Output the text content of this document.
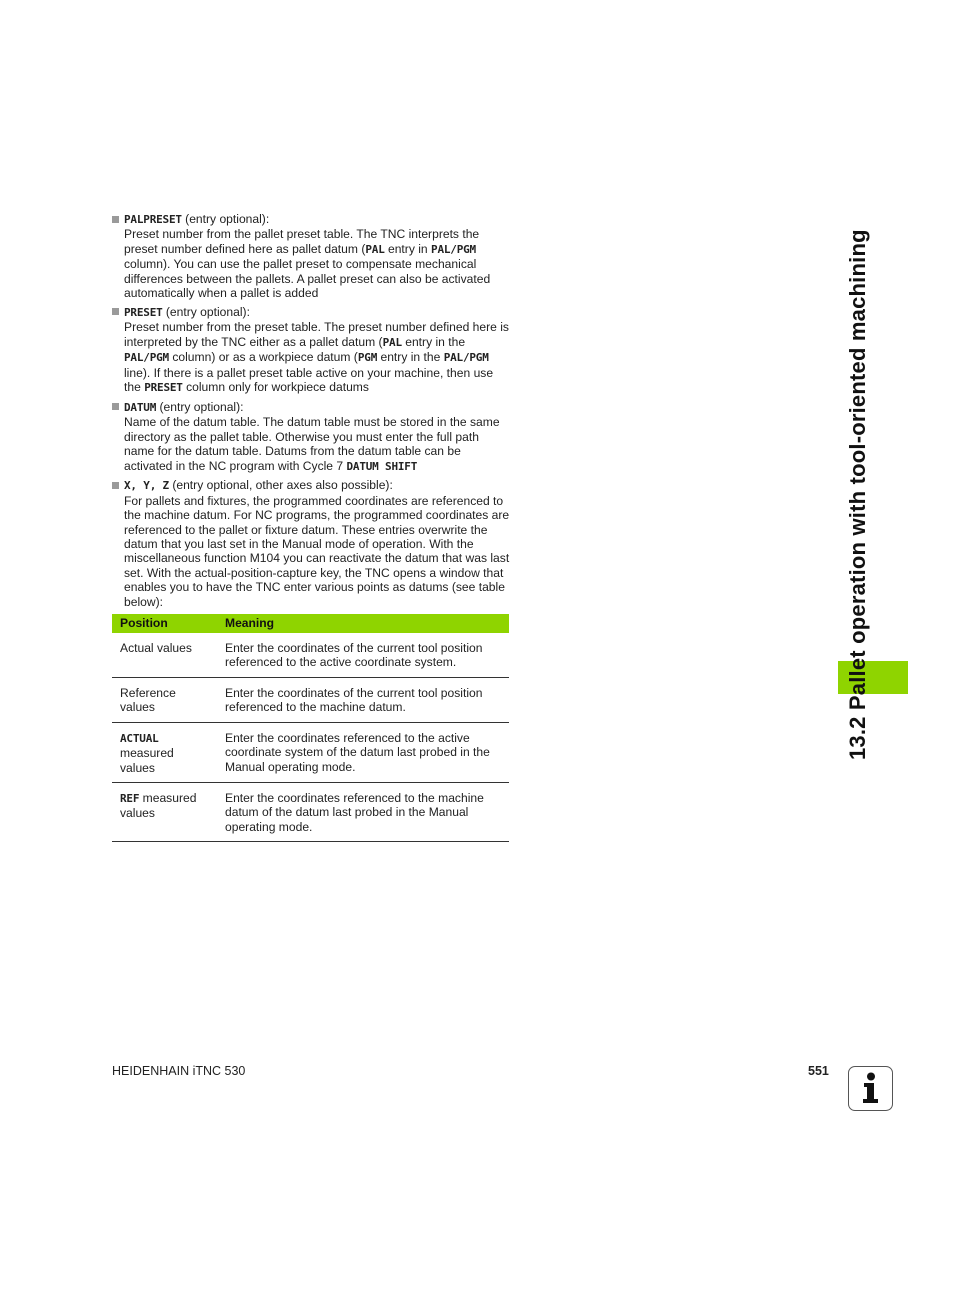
PALPRESET (entry optional):
Preset number from the pallet preset table. The TNC interprets the preset number defined here as pallet datum (PAL entry in PAL/PGM column). You can use the pallet preset to compensate mechanical differences between the pallets. A pallet preset can also be activated automatically when a pallet is added

PRESET (entry optional):
Preset number from the preset table. The preset number defined here is interpreted by the TNC either as a pallet datum (PAL entry in the PAL/PGM column) or as a workpiece datum (PGM entry in the PAL/PGM line). If there is a pallet preset table active on your machine, then use the PRESET column only for workpiece datums

DATUM (entry optional):
Name of the datum table. The datum table must be stored in the same directory as the pallet table. Otherwise you must enter the full path name for the datum table. Datums from the datum table can be activated in the NC program with Cycle 7 DATUM SHIFT

X, Y, Z (entry optional, other axes also possible):
For pallets and fixtures, the programmed coordinates are referenced to the machine datum. For NC programs, the programmed coordinates are referenced to the pallet or fixture datum. These entries overwrite the datum that you last set in the Manual mode of operation. With the miscellaneous function M104 you can reactivate the datum that was last set. With the actual-position-capture key, the TNC opens a window that enables you to have the TNC enter various points as datums (see table below):

Position	Meaning
Actual values	Enter the coordinates of the current tool position referenced to the active coordinate system.
Reference values	Enter the coordinates of the current tool position referenced to the machine datum.
ACTUAL measured values	Enter the coordinates referenced to the active coordinate system of the datum last probed in the Manual operating mode.
REF measured values	Enter the coordinates referenced to the machine datum of the datum last probed in the Manual operating mode.
13.2 Pallet operation with tool-oriented machining
HEIDENHAIN iTNC 530	551
